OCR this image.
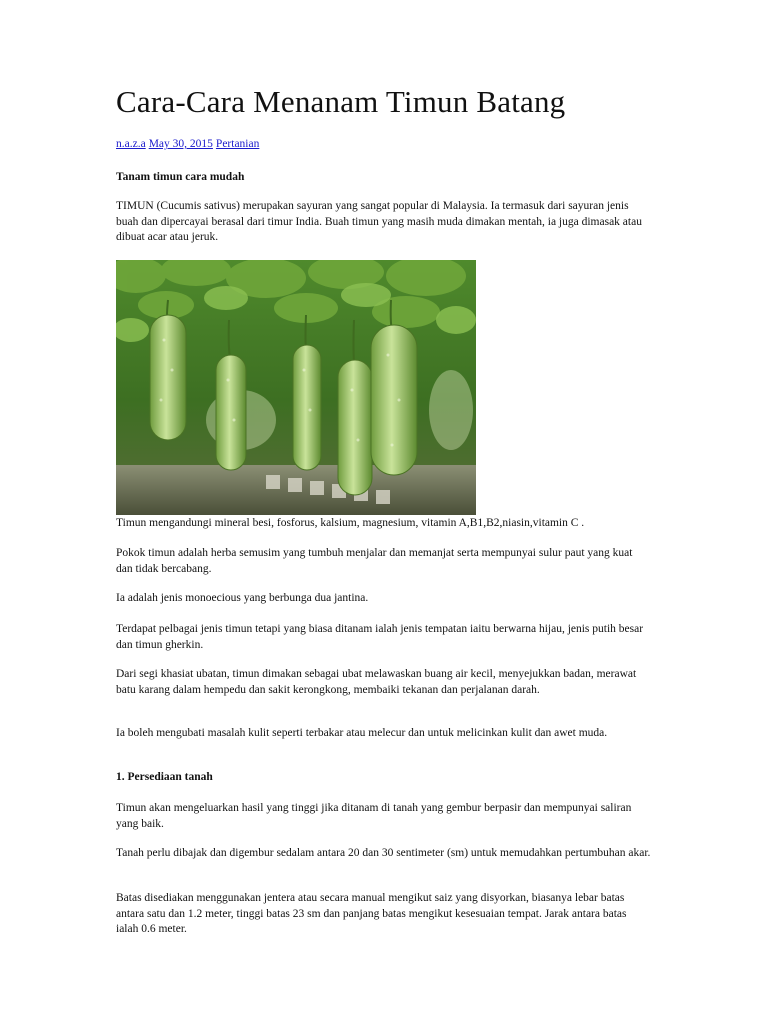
Cara-Cara Menanam Timun Batang
n.a.z.a May 30, 2015 Pertanian

Tanam timun cara mudah

TIMUN (Cucumis sativus) merupakan sayuran yang sangat popular di Malaysia. Ia termasuk dari sayuran jenis buah dan dipercayai berasal dari timur India. Buah timun yang masih muda dimakan mentah, ia juga dimasak atau dibuat acar atau jeruk.

Timun mengandungi mineral besi, fosforus, kalsium, magnesium, vitamin A,B1,B2,niasin,vitamin C .

Pokok timun adalah herba semusim yang tumbuh menjalar dan memanjat serta mempunyai sulur paut yang kuat dan tidak bercabang.

Ia adalah jenis monoecious yang berbunga dua jantina.

Terdapat pelbagai jenis timun tetapi yang biasa ditanam ialah jenis tempatan iaitu berwarna hijau, jenis putih besar dan timun gherkin.

Dari segi khasiat ubatan, timun dimakan sebagai ubat melawaskan buang air kecil, menyejukkan badan, merawat batu karang dalam hempedu dan sakit kerongkong, membaiki tekanan dan perjalanan darah.

Ia boleh mengubati masalah kulit seperti terbakar atau melecur dan untuk melicinkan kulit dan awet muda.

1. Persediaan tanah

Timun akan mengeluarkan hasil yang tinggi jika ditanam di tanah yang gembur berpasir dan mempunyai saliran yang baik.

Tanah perlu dibajak dan digembur sedalam antara 20 dan 30 sentimeter (sm) untuk memudahkan pertumbuhan akar.

Batas disediakan menggunakan jentera atau secara manual mengikut saiz yang disyorkan, biasanya lebar batas antara satu dan 1.2 meter, tinggi batas 23 sm dan panjang batas mengikut kesesuaian tempat. Jarak antara batas ialah 0.6 meter.
